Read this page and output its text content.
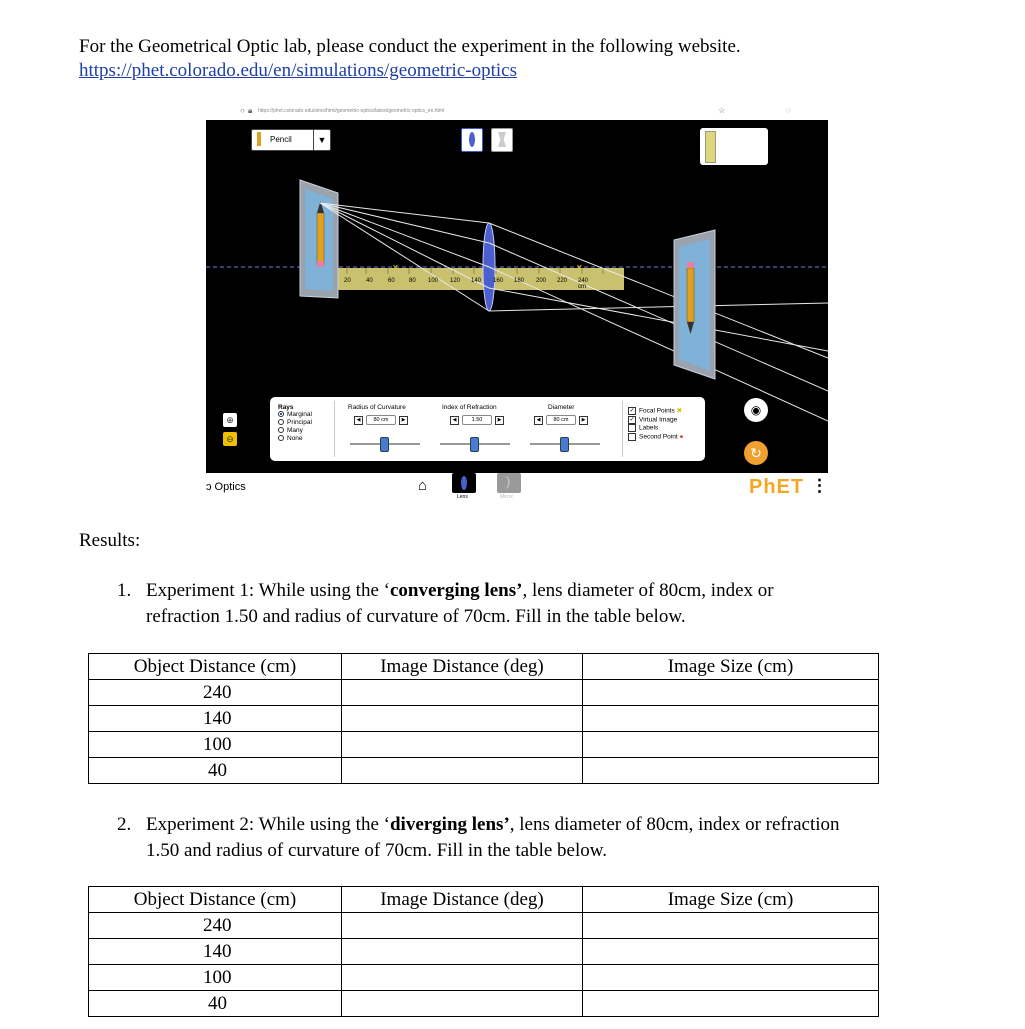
For the Geometrical Optic lab, please conduct the experiment in the following website.
https://phet.colorado.edu/en/simulations/geometric-optics
○ 🔒︎ https://phet.colorado.edu/sims/html/geometric-optics/latest/geometric-optics_en.html	☆	◌
✕	✕
20	40	60 80 100 120 140 160 180 200 220 240 cm
Pencil	▼
Rays
Marginal
Principal
Many
None
Radius of Curvature

◀ 80 cm	▶
Index of Refraction

◀	1.50	▶
Diameter

◀ 80 cm	▶
✓ Focal Points ✖
✓ Virtual Image
Labels
Second Point ●
⊕
⊖
◉
↻
ɔ Optics	⌂
Lens
)
Mirror	PhET ⋮
Results:
1. Experiment 1: While using the ‘converging lens’, lens diameter of 80cm, index or
refraction 1.50 and radius of curvature of 70cm. Fill in the table below.
Object Distance (cm)	Image Distance (deg)	Image Size (cm)
240		
140		
100		
40		
2. Experiment 2: While using the ‘diverging lens’, lens diameter of 80cm, index or refraction
1.50 and radius of curvature of 70cm. Fill in the table below.
Object Distance (cm)	Image Distance (deg)	Image Size (cm)
240		
140		
100		
40		
